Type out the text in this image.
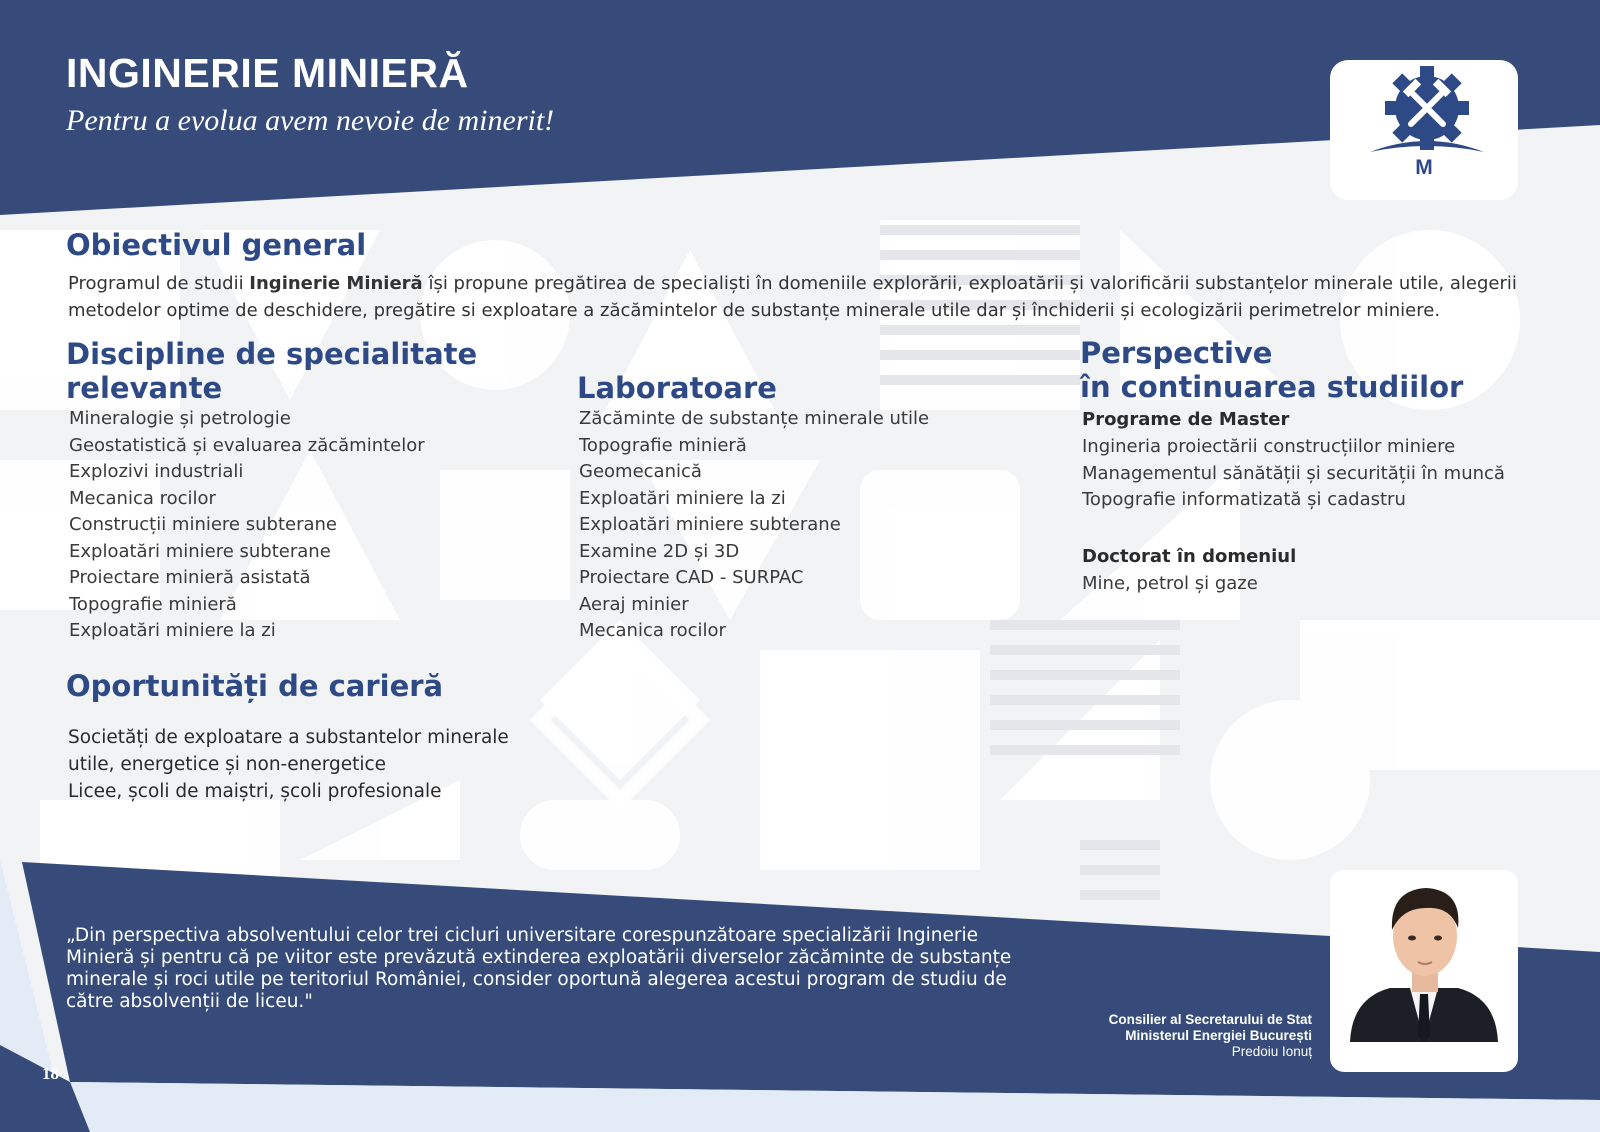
INGINERIE MINIERĂ

Pentru a evolua avem nevoie de minerit!

M
Obiectivul general

Programul de studii Inginerie Minieră își propune pregătirea de specialiști în domeniile explorării, exploatării și valorificării substanțelor minerale utile, alegerii metodelor optime de deschidere, pregătire si exploatare a zăcămintelor de substanțe minerale utile dar și închiderii și ecologizării perimetrelor miniere.

Discipline de specialitate
relevante
Mineralogie și petrologie
Geostatistică și evaluarea zăcămintelor
Explozivi industriali
Mecanica rocilor
Construcții miniere subterane
Exploatări miniere subterane
Proiectare minieră asistată
Topografie minieră
Exploatări miniere la zi
Laboratoare
Zăcăminte de substanțe minerale utile
Topografie minieră
Geomecanică
Exploatări miniere la zi
Exploatări miniere subterane
Examine 2D și 3D
Proiectare CAD - SURPAC
Aeraj minier
Mecanica rocilor
Perspective
în continuarea studiilor

Programe de Master

Ingineria proiectării construcțiilor miniere
Managementul sănătății și securității în muncă
Topografie informatizată și cadastru

Doctorat în domeniul

Mine, petrol și gaze
Oportunități de carieră
Societăți de exploatare a substantelor minerale utile, energetice și non-energetice
Licee, școli de maiștri, școli profesionale

„Din perspectiva absolventului celor trei cicluri universitare corespunzătoare specializării Inginerie Minieră și pentru că pe viitor este prevăzută extinderea exploatării diverselor zăcăminte de substanțe minerale și roci utile pe teritoriul României, consider oportună alegerea acestui program de studiu de către absolvenții de liceu."

Consilier al Secretarului de Stat
Ministerul Energiei București
Predoiu Ionuț
18
